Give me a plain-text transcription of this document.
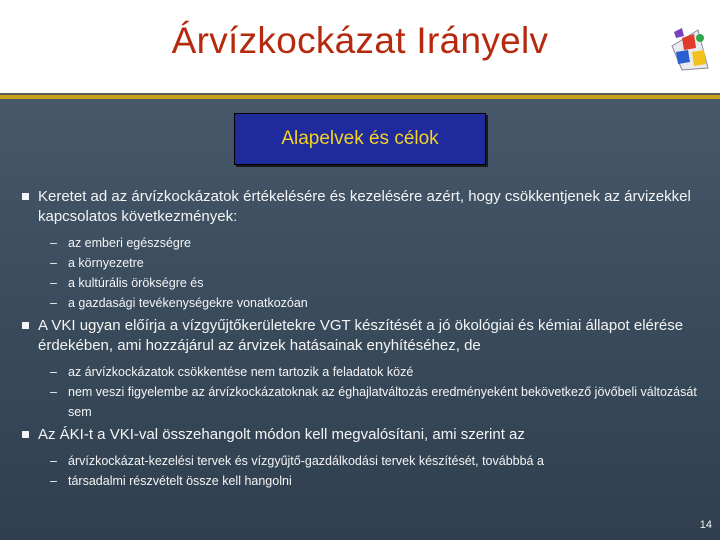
Árvízkockázat Irányelv
Alapelvek és célok

Keretet ad az árvízkockázatok értékelésére és kezelésére azért, hogy csökkentjenek az árvizekkel kapcsolatos következmények:

– az emberi egészségre

– a környezetre

– a kultúrális örökségre és

– a gazdasági tevékenységekre vonatkozóan

A VKI ugyan előírja a vízgyűjtőkerületekre VGT készítését a jó ökológiai és kémiai állapot elérése érdekében, ami hozzájárul az árvizek hatásainak enyhítéséhez, de

– az árvízkockázatok csökkentése nem tartozik a feladatok közé

– nem veszi figyelembe az árvízkockázatoknak az éghajlatváltozás eredményeként bekövetkező jövőbeli változását sem

Az ÁKI-t a VKI-val összehangolt módon kell megvalósítani, ami szerint az

– árvízkockázat-kezelési tervek és vízgyűjtő-gazdálkodási tervek készítését, továbbbá a

– társadalmi részvételt össze kell hangolni

14
